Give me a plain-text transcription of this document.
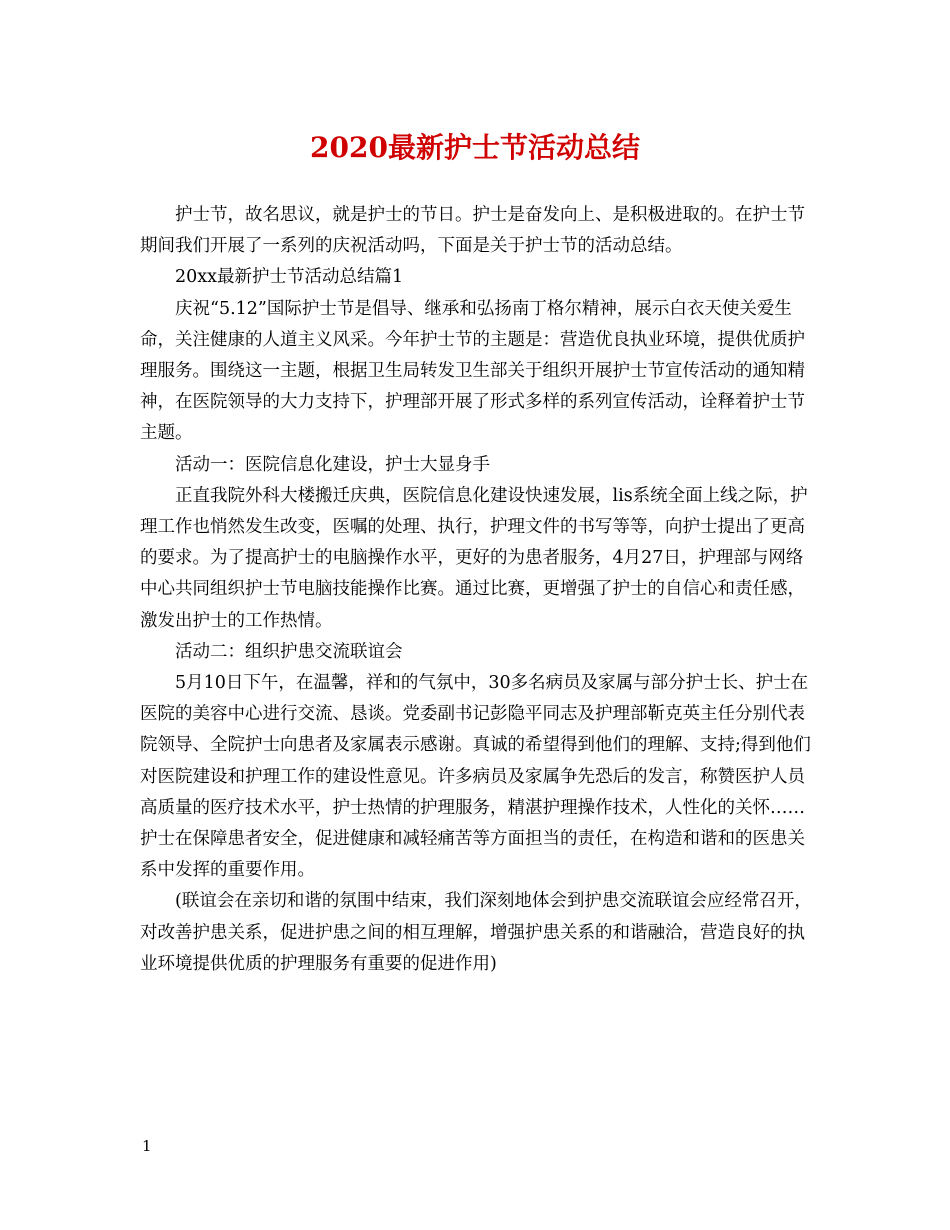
2020最新护士节活动总结

护士节，故名思议，就是护士的节日。护士是奋发向上、是积极进取的。在护士节期间我们开展了一系列的庆祝活动吗，下面是关于护士节的活动总结。

20xx最新护士节活动总结篇1

庆祝“5.12”国际护士节是倡导、继承和弘扬南丁格尔精神，展示白衣天使关爱生命，关注健康的人道主义风采。今年护士节的主题是：营造优良执业环境，提供优质护理服务。围绕这一主题，根据卫生局转发卫生部关于组织开展护士节宣传活动的通知精神，在医院领导的大力支持下，护理部开展了形式多样的系列宣传活动，诠释着护士节主题。

活动一：医院信息化建设，护士大显身手

正直我院外科大楼搬迁庆典，医院信息化建设快速发展，lis系统全面上线之际，护理工作也悄然发生改变，医嘱的处理、执行，护理文件的书写等等，向护士提出了更高的要求。为了提高护士的电脑操作水平，更好的为患者服务，4月27日，护理部与网络中心共同组织护士节电脑技能操作比赛。通过比赛，更增强了护士的自信心和责任感，激发出护士的工作热情。

活动二：组织护患交流联谊会

5月10日下午，在温馨，祥和的气氛中，30多名病员及家属与部分护士长、护士在医院的美容中心进行交流、恳谈。党委副书记彭隐平同志及护理部靳克英主任分别代表院领导、全院护士向患者及家属表示感谢。真诚的希望得到他们的理解、支持;得到他们对医院建设和护理工作的建设性意见。许多病员及家属争先恐后的发言，称赞医护人员高质量的医疗技术水平，护士热情的护理服务，精湛护理操作技术，人性化的关怀……护士在保障患者安全，促进健康和减轻痛苦等方面担当的责任，在构造和谐和的医患关系中发挥的重要作用。

(联谊会在亲切和谐的氛围中结束，我们深刻地体会到护患交流联谊会应经常召开，对改善护患关系，促进护患之间的相互理解，增强护患关系的和谐融洽，营造良好的执业环境提供优质的护理服务有重要的促进作用)

1
